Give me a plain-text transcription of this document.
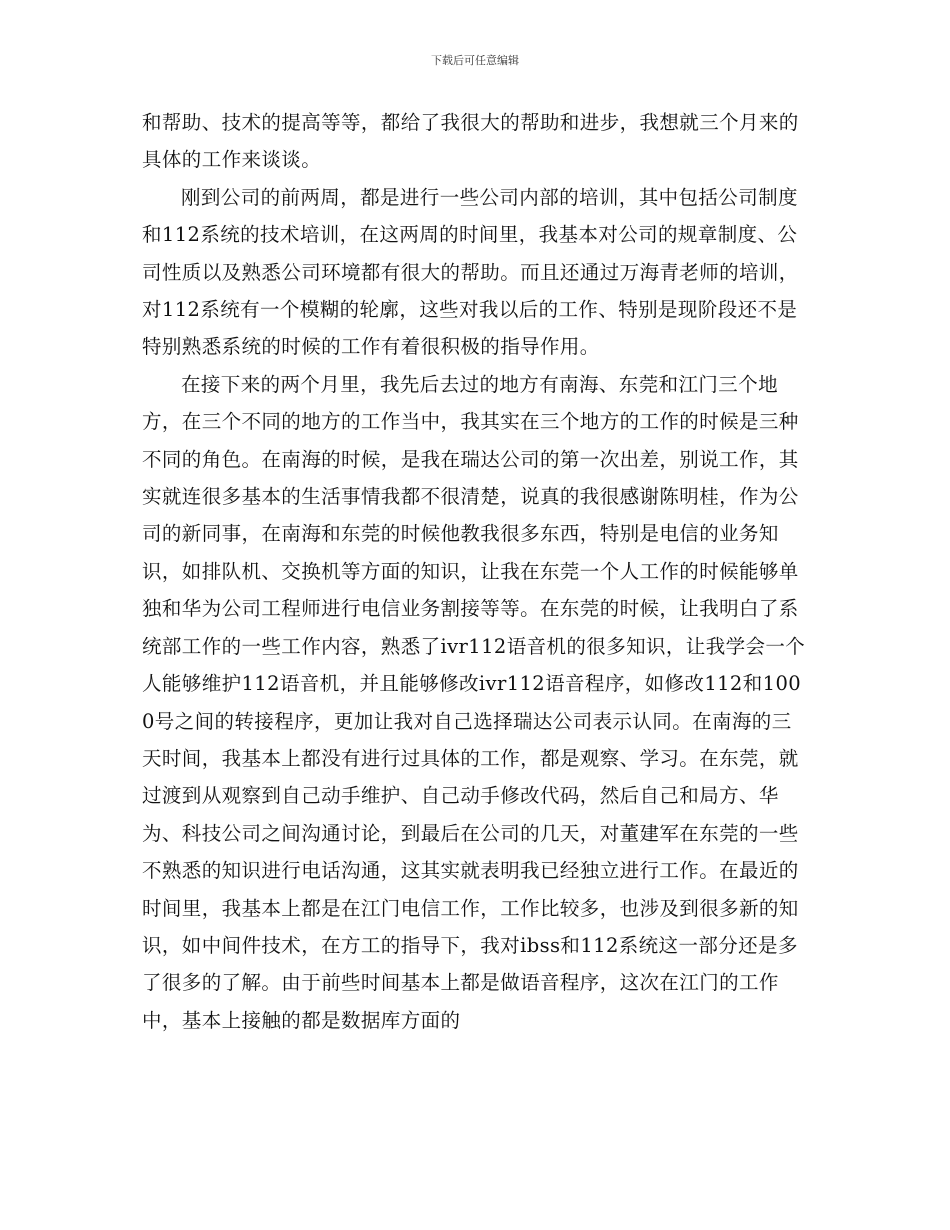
下载后可任意编辑

和帮助、技术的提高等等，都给了我很大的帮助和进步，我想就三个月来的具体的工作来谈谈。

刚到公司的前两周，都是进行一些公司内部的培训，其中包括公司制度和112系统的技术培训，在这两周的时间里，我基本对公司的规章制度、公司性质以及熟悉公司环境都有很大的帮助。而且还通过万海青老师的培训，对112系统有一个模糊的轮廓，这些对我以后的工作、特别是现阶段还不是特别熟悉系统的时候的工作有着很积极的指导作用。

在接下来的两个月里，我先后去过的地方有南海、东莞和江门三个地方，在三个不同的地方的工作当中，我其实在三个地方的工作的时候是三种不同的角色。在南海的时候，是我在瑞达公司的第一次出差，别说工作，其实就连很多基本的生活事情我都不很清楚，说真的我很感谢陈明桂，作为公司的新同事，在南海和东莞的时候他教我很多东西，特别是电信的业务知识，如排队机、交换机等方面的知识，让我在东莞一个人工作的时候能够单独和华为公司工程师进行电信业务割接等等。在东莞的时候，让我明白了系统部工作的一些工作内容，熟悉了ivr112语音机的很多知识，让我学会一个人能够维护112语音机，并且能够修改ivr112语音程序，如修改112和1000号之间的转接程序，更加让我对自己选择瑞达公司表示认同。在南海的三天时间，我基本上都没有进行过具体的工作，都是观察、学习。在东莞，就过渡到从观察到自己动手维护、自己动手修改代码，然后自己和局方、华为、科技公司之间沟通讨论，到最后在公司的几天，对董建军在东莞的一些不熟悉的知识进行电话沟通，这其实就表明我已经独立进行工作。在最近的时间里，我基本上都是在江门电信工作，工作比较多，也涉及到很多新的知识，如中间件技术，在方工的指导下，我对ibss和112系统这一部分还是多了很多的了解。由于前些时间基本上都是做语音程序，这次在江门的工作中，基本上接触的都是数据库方面的
